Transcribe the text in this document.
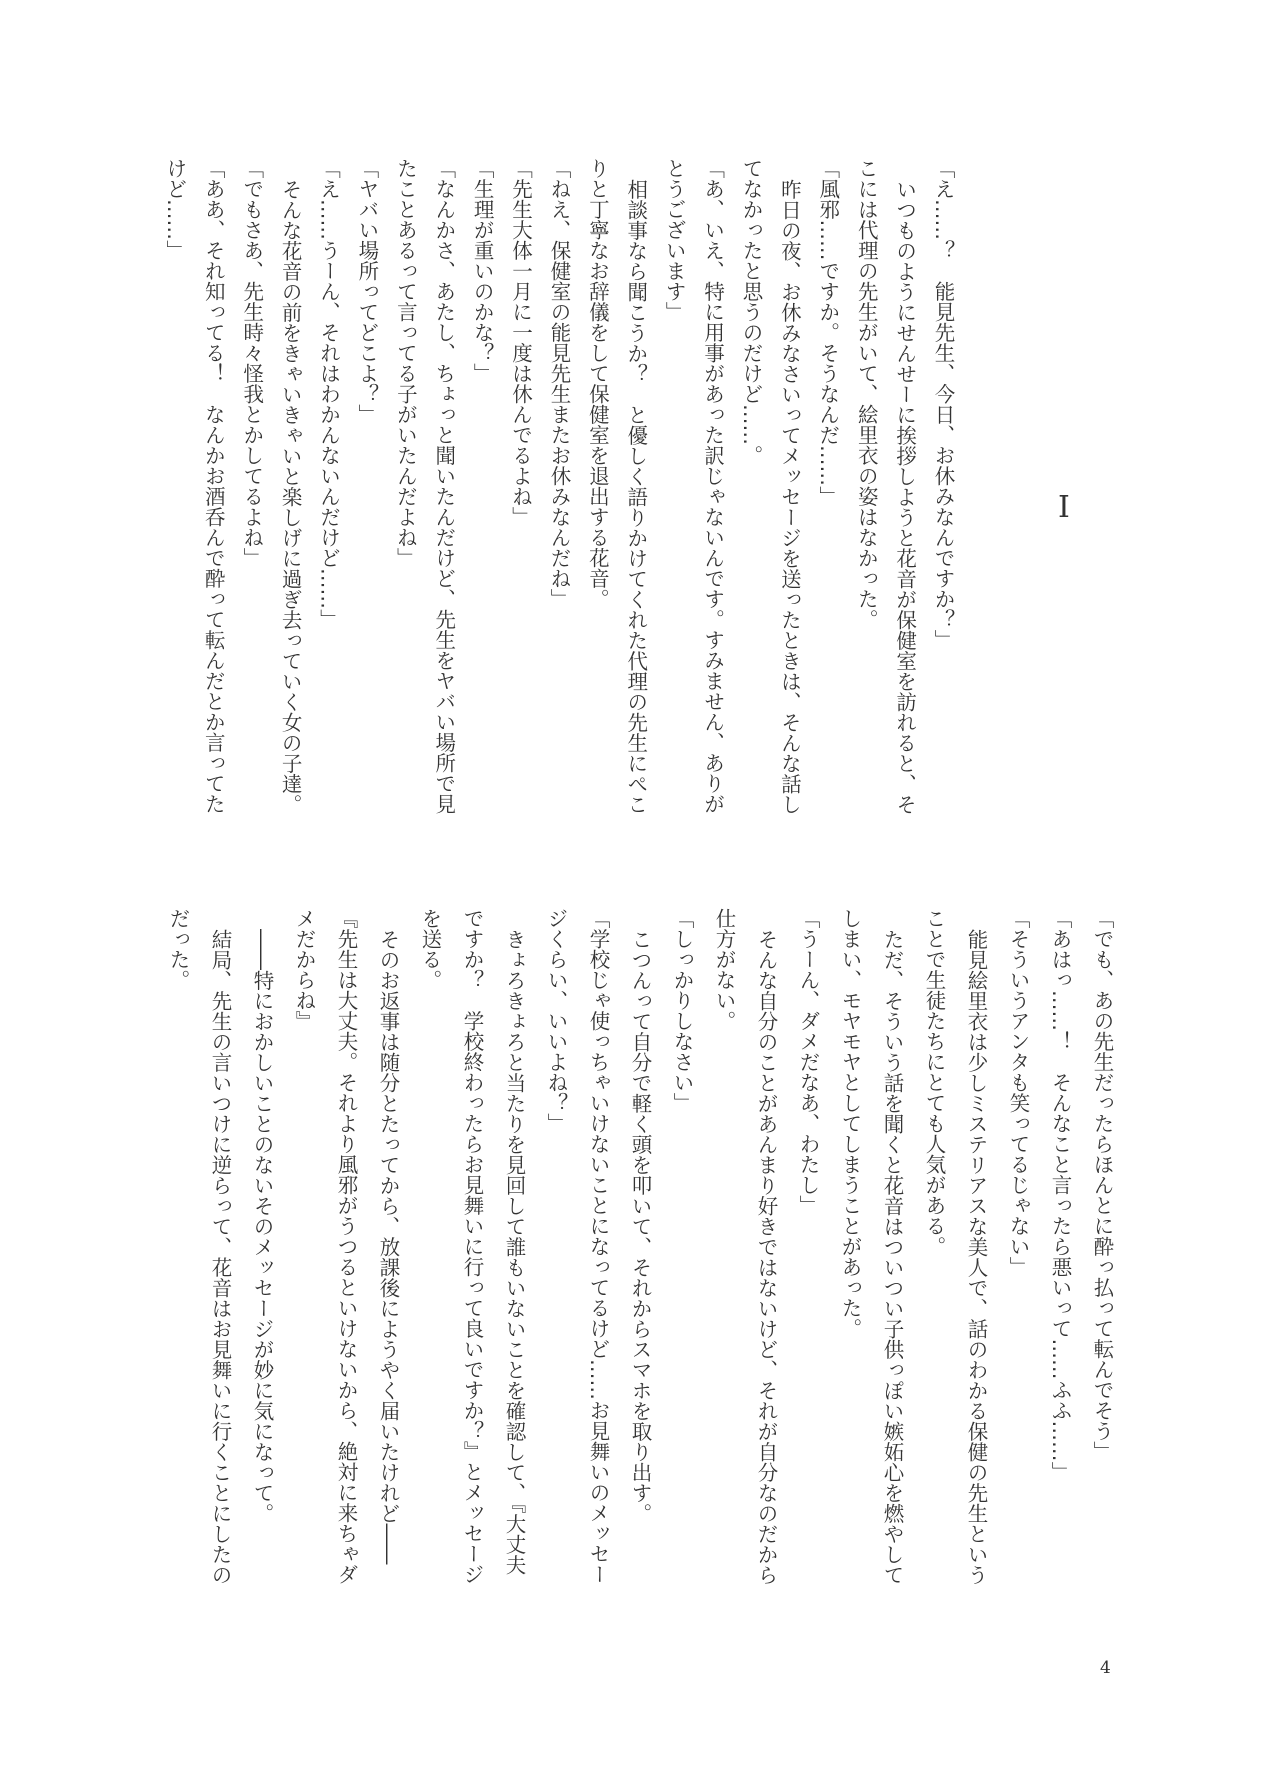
I

「え……？　能見先生、今日、お休みなんですか？」

いつものようにせんせーに挨拶しようと花音が保健室を訪れると、そこには代理の先生がいて、絵里衣の姿はなかった。

「風邪……ですか。そうなんだ……」

昨日の夜、お休みなさいってメッセージを送ったときは、そんな話してなかったと思うのだけど……。

「あ、いえ、特に用事があった訳じゃないんです。すみません、ありがとうございます」

相談事なら聞こうか？　と優しく語りかけてくれた代理の先生にぺこりと丁寧なお辞儀をして保健室を退出する花音。

「ねえ、保健室の能見先生またお休みなんだね」

「先生大体一月に一度は休んでるよね」

「生理が重いのかな？」

「なんかさ、あたし、ちょっと聞いたんだけど、先生をヤバい場所で見たことあるって言ってる子がいたんだよね」

「ヤバい場所ってどこよ？」

「え……うーん、それはわかんないんだけど……」

そんな花音の前をきゃいきゃいと楽しげに過ぎ去っていく女の子達。

「でもさあ、先生時々怪我とかしてるよね」

「ああ、それ知ってる！　なんかお酒呑んで酔って転んだとか言ってたけど……」

「でも、あの先生だったらほんとに酔っ払って転んでそう」

「あはっ……！　そんなこと言ったら悪いって……ふふ……」

「そういうアンタも笑ってるじゃない」

能見絵里衣は少しミステリアスな美人で、話のわかる保健の先生ということで生徒たちにとても人気がある。

ただ、そういう話を聞くと花音はついつい子供っぽい嫉妬心を燃やしてしまい、モヤモヤとしてしまうことがあった。

「うーん、ダメだなあ、わたし」

そんな自分のことがあんまり好きではないけど、それが自分なのだから仕方がない。

「しっかりしなさい」

こつんって自分で軽く頭を叩いて、それからスマホを取り出す。

「学校じゃ使っちゃいけないことになってるけど……お見舞いのメッセージくらい、いいよね？」

きょろきょろと当たりを見回して誰もいないことを確認して、『大丈夫ですか？　学校終わったらお見舞いに行って良いですか？』とメッセージを送る。

そのお返事は随分とたってから、放課後にようやく届いたけれど――

『先生は大丈夫。それより風邪がうつるといけないから、絶対に来ちゃダメだからね』

――特におかしいことのないそのメッセージが妙に気になって。

結局、先生の言いつけに逆らって、花音はお見舞いに行くことにしたのだった。

4
